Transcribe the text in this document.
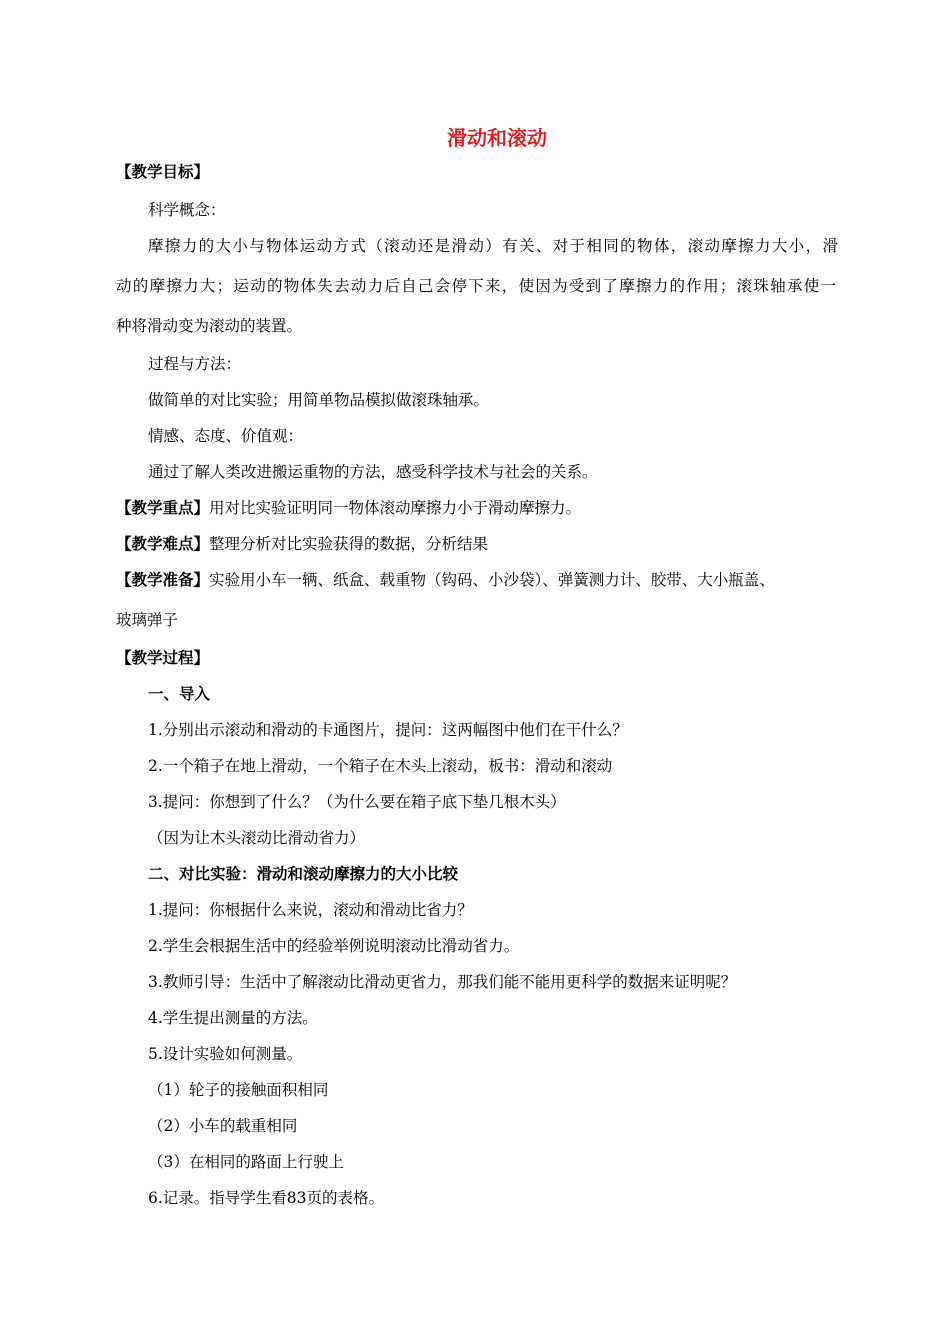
滑动和滚动
【教学目标】
科学概念：
摩擦力的大小与物体运动方式（滚动还是滑动）有关、对于相同的物体，滚动摩擦力大小，滑
动的摩擦力大；运动的物体失去动力后自己会停下来，使因为受到了摩擦力的作用；滚珠轴承使一
种将滑动变为滚动的装置。
过程与方法：
做简单的对比实验；用简单物品模拟做滚珠轴承。
情感、态度、价值观：
通过了解人类改进搬运重物的方法，感受科学技术与社会的关系。
【教学重点】用对比实验证明同一物体滚动摩擦力小于滑动摩擦力。
【教学难点】整理分析对比实验获得的数据，分析结果
【教学准备】实验用小车一辆、纸盒、载重物（钩码、小沙袋）、弹簧测力计、胶带、大小瓶盖、
玻璃弹子
【教学过程】
一、导入
1.分别出示滚动和滑动的卡通图片，提问：这两幅图中他们在干什么？
2.一个箱子在地上滑动，一个箱子在木头上滚动，板书：滑动和滚动
3.提问：你想到了什么？（为什么要在箱子底下垫几根木头）
（因为让木头滚动比滑动省力）
二、对比实验：滑动和滚动摩擦力的大小比较
1.提问：你根据什么来说，滚动和滑动比省力？
2.学生会根据生活中的经验举例说明滚动比滑动省力。
3.教师引导：生活中了解滚动比滑动更省力，那我们能不能用更科学的数据来证明呢？
4.学生提出测量的方法。
5.设计实验如何测量。
（1）轮子的接触面积相同
（2）小车的载重相同
（3）在相同的路面上行驶上
6.记录。指导学生看83页的表格。
